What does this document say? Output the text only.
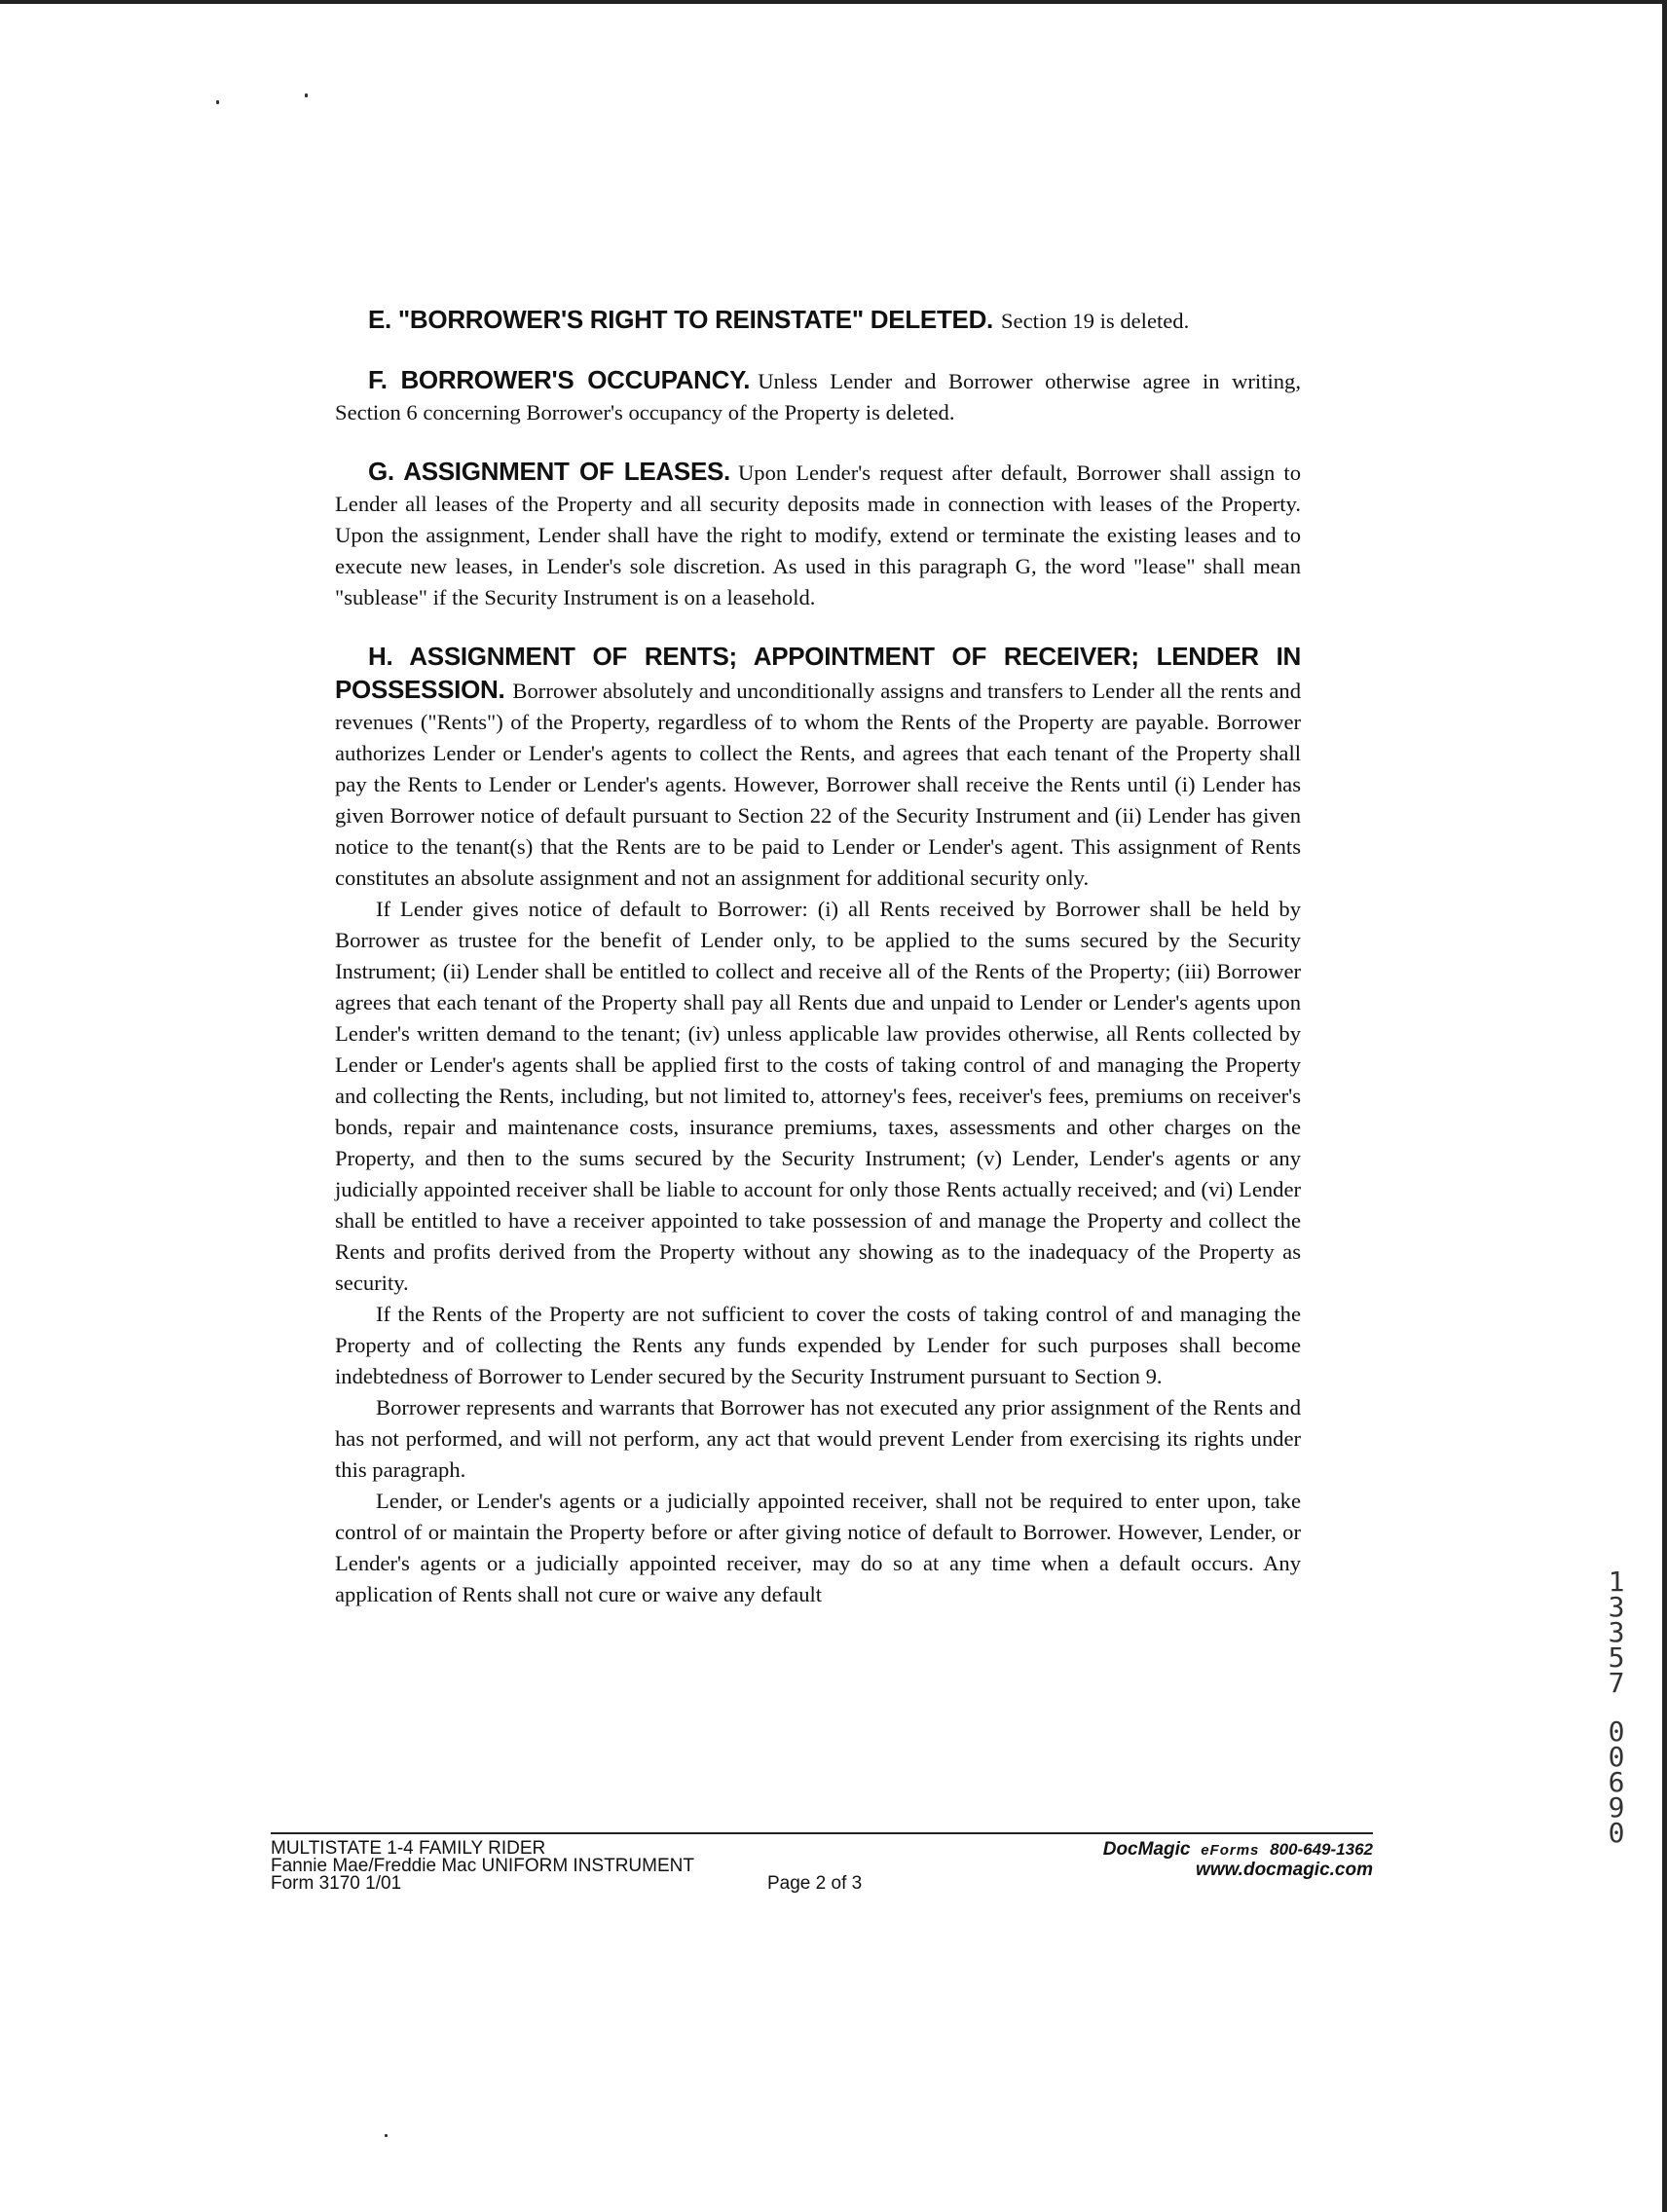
E. "BORROWER'S RIGHT TO REINSTATE" DELETED. Section 19 is deleted.

F. BORROWER'S OCCUPANCY. Unless Lender and Borrower otherwise agree in writing, Section 6 concerning Borrower's occupancy of the Property is deleted.

G. ASSIGNMENT OF LEASES. Upon Lender's request after default, Borrower shall assign to Lender all leases of the Property and all security deposits made in connection with leases of the Property. Upon the assignment, Lender shall have the right to modify, extend or terminate the existing leases and to execute new leases, in Lender's sole discretion. As used in this paragraph G, the word "lease" shall mean "sublease" if the Security Instrument is on a leasehold.

H. ASSIGNMENT OF RENTS; APPOINTMENT OF RECEIVER; LENDER IN POSSESSION. Borrower absolutely and unconditionally assigns and transfers to Lender all the rents and revenues ("Rents") of the Property, regardless of to whom the Rents of the Property are payable. Borrower authorizes Lender or Lender's agents to collect the Rents, and agrees that each tenant of the Property shall pay the Rents to Lender or Lender's agents. However, Borrower shall receive the Rents until (i) Lender has given Borrower notice of default pursuant to Section 22 of the Security Instrument and (ii) Lender has given notice to the tenant(s) that the Rents are to be paid to Lender or Lender's agent. This assignment of Rents constitutes an absolute assignment and not an assignment for additional security only.

If Lender gives notice of default to Borrower: (i) all Rents received by Borrower shall be held by Borrower as trustee for the benefit of Lender only, to be applied to the sums secured by the Security Instrument; (ii) Lender shall be entitled to collect and receive all of the Rents of the Property; (iii) Borrower agrees that each tenant of the Property shall pay all Rents due and unpaid to Lender or Lender's agents upon Lender's written demand to the tenant; (iv) unless applicable law provides otherwise, all Rents collected by Lender or Lender's agents shall be applied first to the costs of taking control of and managing the Property and collecting the Rents, including, but not limited to, attorney's fees, receiver's fees, premiums on receiver's bonds, repair and maintenance costs, insurance premiums, taxes, assessments and other charges on the Property, and then to the sums secured by the Security Instrument; (v) Lender, Lender's agents or any judicially appointed receiver shall be liable to account for only those Rents actually received; and (vi) Lender shall be entitled to have a receiver appointed to take possession of and manage the Property and collect the Rents and profits derived from the Property without any showing as to the inadequacy of the Property as security.

If the Rents of the Property are not sufficient to cover the costs of taking control of and managing the Property and of collecting the Rents any funds expended by Lender for such purposes shall become indebtedness of Borrower to Lender secured by the Security Instrument pursuant to Section 9.

Borrower represents and warrants that Borrower has not executed any prior assignment of the Rents and has not performed, and will not perform, any act that would prevent Lender from exercising its rights under this paragraph.

Lender, or Lender's agents or a judicially appointed receiver, shall not be required to enter upon, take control of or maintain the Property before or after giving notice of default to Borrower. However, Lender, or Lender's agents or a judicially appointed receiver, may do so at any time when a default occurs. Any application of Rents shall not cure or waive any default

MULTISTATE 1-4 FAMILY RIDER
Fannie Mae/Freddie Mac UNIFORM INSTRUMENT
Form 3170 1/01	Page 2 of 3
DocMagic eForms 800-649-1362
www.docmagic.com
1
3
3
5
7
0
0
6
9
0
